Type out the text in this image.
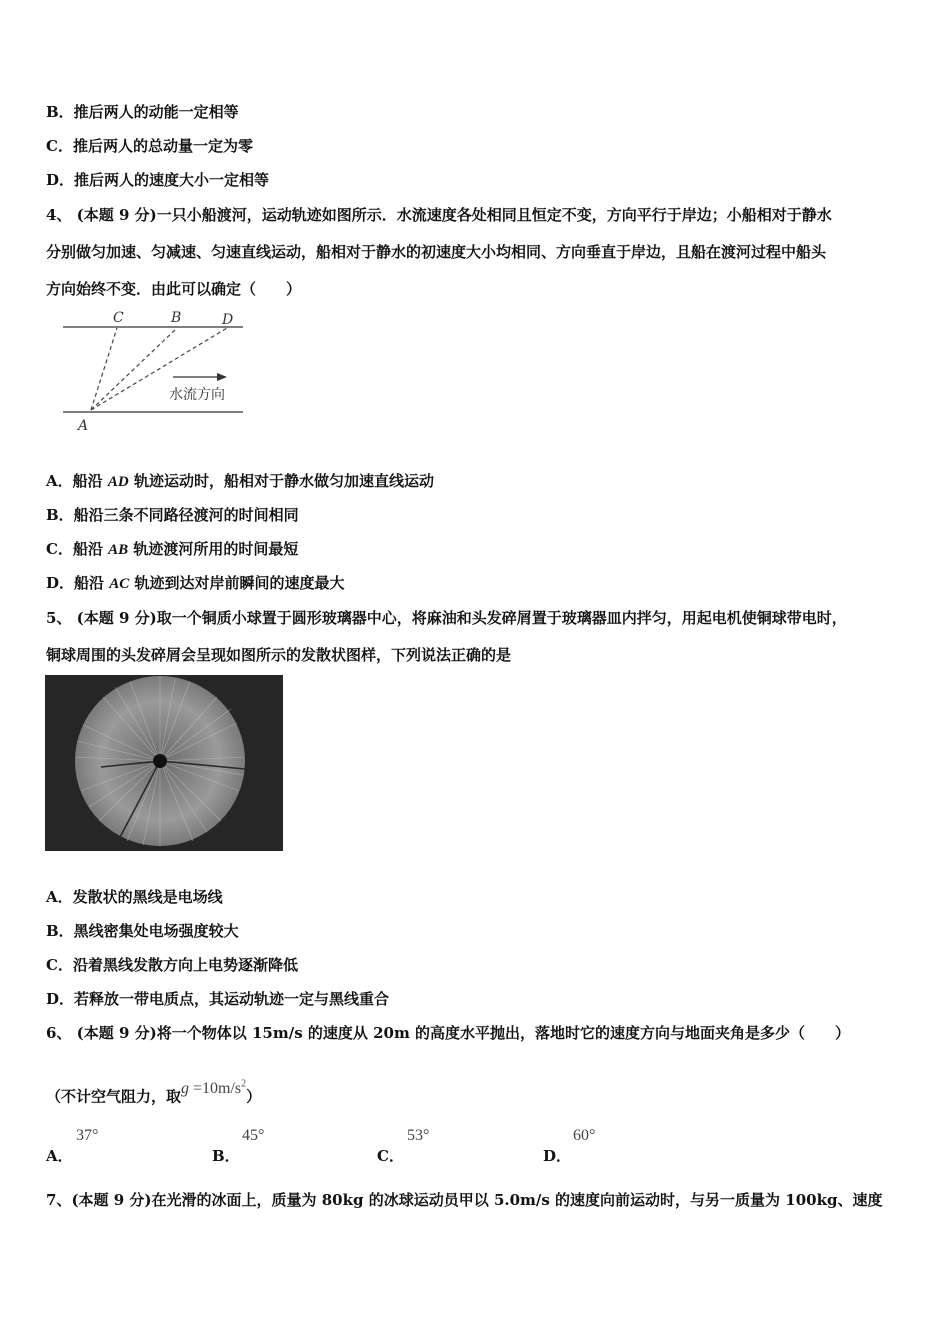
B．推后两人的动能一定相等
C．推后两人的总动量一定为零
D．推后两人的速度大小一定相等
4、 (本题 9 分)一只小船渡河，运动轨迹如图所示．水流速度各处相同且恒定不变，方向平行于岸边；小船相对于静水
分别做匀加速、匀减速、匀速直线运动，船相对于静水的初速度大小均相同、方向垂直于岸边，且船在渡河过程中船头
方向始终不变．由此可以确定（　　）
C	B	D
A
水流方向
A．船沿 AD 轨迹运动时，船相对于静水做匀加速直线运动
B．船沿三条不同路径渡河的时间相同
C．船沿 AB 轨迹渡河所用的时间最短
D．船沿 AC 轨迹到达对岸前瞬间的速度最大
5、 (本题 9 分)取一个铜质小球置于圆形玻璃器中心，将麻油和头发碎屑置于玻璃器皿内拌匀，用起电机使铜球带电时，
铜球周围的头发碎屑会呈现如图所示的发散状图样，下列说法正确的是
A．发散状的黑线是电场线
B．黑线密集处电场强度较大
C．沿着黑线发散方向上电势逐渐降低
D．若释放一带电质点，其运动轨迹一定与黑线重合
6、 (本题 9 分)将一个物体以 15m/s 的速度从 20m 的高度水平抛出，落地时它的速度方向与地面夹角是多少（　　）
（不计空气阻力，取$g =10m/s^2$）
A．
37°
B．
45°
C．
53°
D．
60°
7、(本题 9 分)在光滑的冰面上，质量为 80kg 的冰球运动员甲以 5.0m/s 的速度向前运动时，与另一质量为 100kg、速度
